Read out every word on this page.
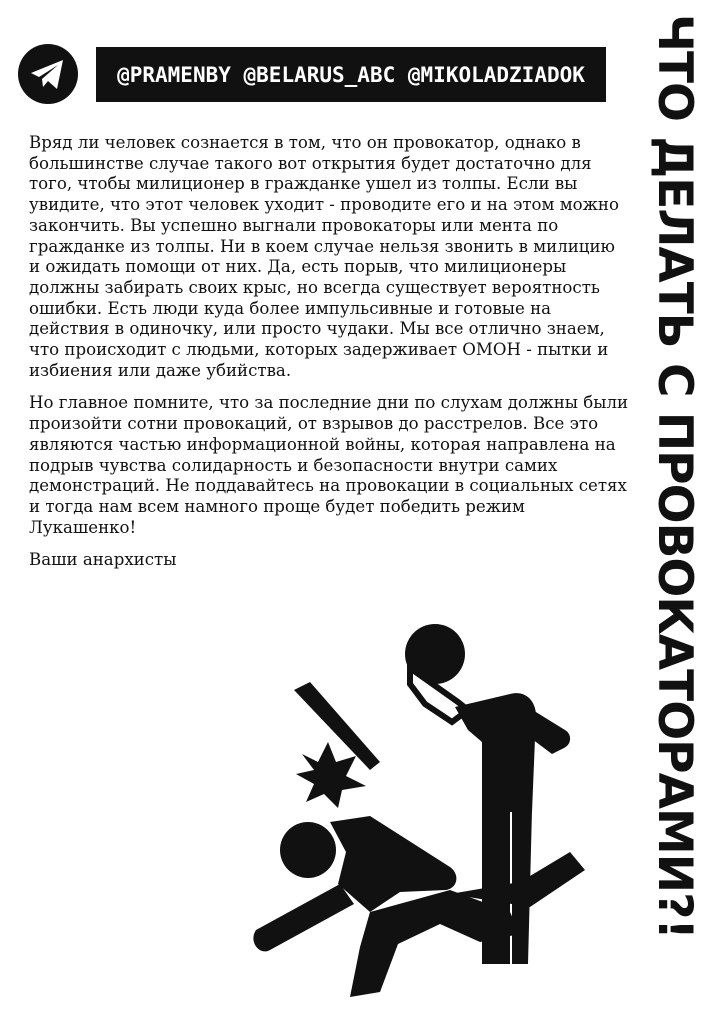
@PRAMENBY @BELARUS_ABC @MIKOLADZIADOK ЧТО ДЕЛАТЬ С ПРОВОКАТОРАМИ?!

Вряд ли человек сознается в том, что он провокатор, однако в большинстве случае такого вот открытия будет достаточно для того, чтобы милиционер в гражданке ушел из толпы. Если вы увидите, что этот человек уходит - проводите его и на этом можно закончить. Вы успешно выгнали провокаторы или мента по гражданке из толпы. Ни в коем случае нельзя звонить в милицию и ожидать помощи от них. Да, есть порыв, что милиционеры должны забирать своих крыс, но всегда существует вероятность ошибки. Есть люди куда более импульсивные и готовые на действия в одиночку, или просто чудаки. Мы все отлично знаем, что происходит с людьми, которых задерживает ОМОН - пытки и избиения или даже убийства.

Но главное помните, что за последние дни по слухам должны были произойти сотни провокаций, от взрывов до расстрелов. Все это являются частью информационной войны, которая направлена на подрыв чувства солидарность и безопасности внутри самих демонстраций. Не поддавайтесь на провокации в социальных сетях и тогда нам всем намного проще будет победить режим Лукашенко!

Ваши анархисты
